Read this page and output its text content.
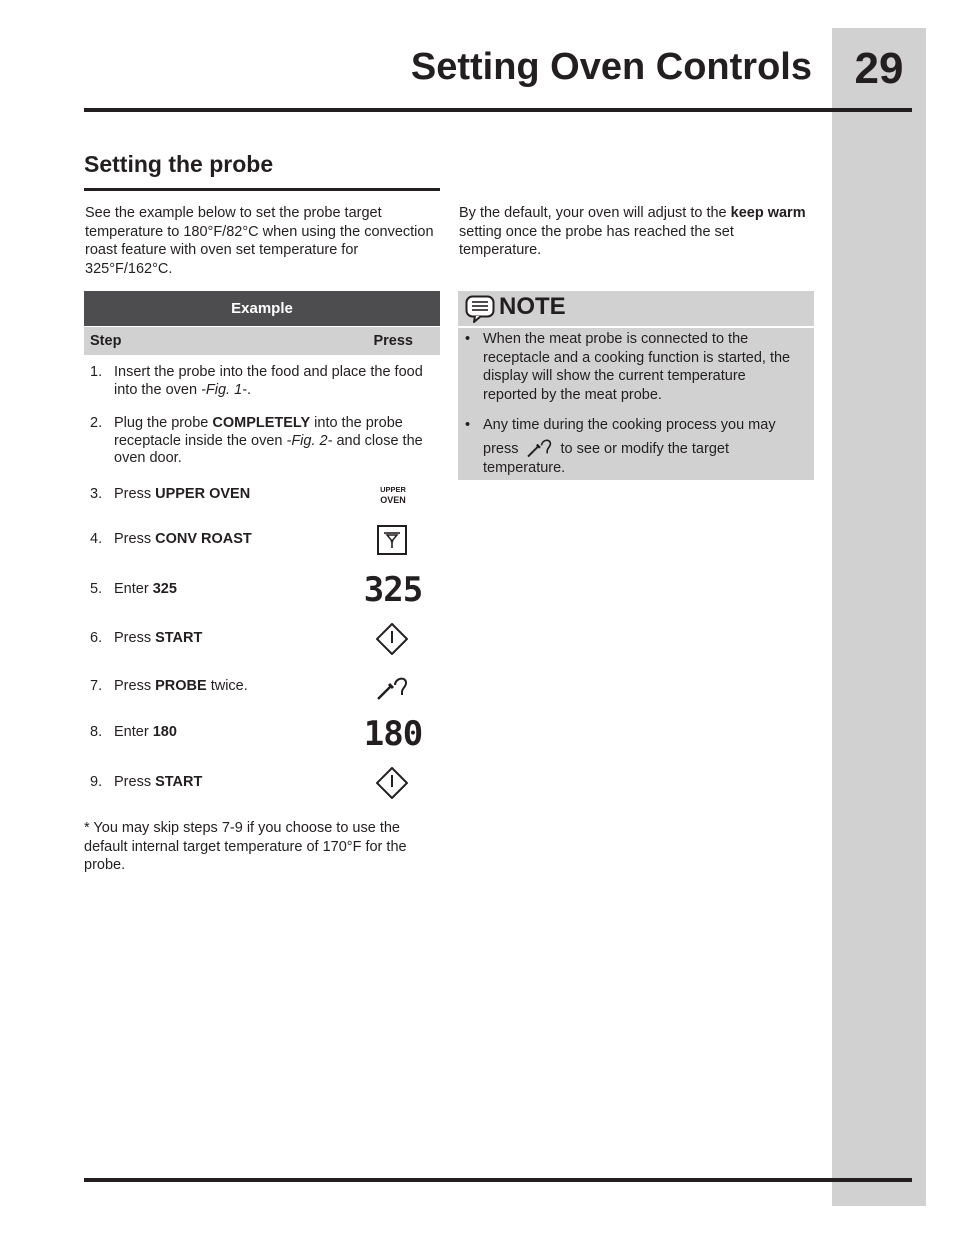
29
Setting Oven Controls
Setting the probe
See the example below to set the probe target temperature to 180°F/82°C when using the convection roast feature with oven set temperature for 325°F/162°C.
By the default, your oven will adjust to the keep warm setting once the probe has reached the set temperature.
Example
Step	Press
1. Insert the probe into the food and place the food into the oven -Fig. 1-.
2. Plug the probe COMPLETELY into the probe receptacle inside the oven -Fig. 2- and close the oven door.
3. Press UPPER OVEN
4. Press CONV ROAST
5. Enter 325
6. Press START
7. Press PROBE twice.
8. Enter 180
9. Press START
UPPER
OVEN
325
180
* You may skip steps 7-9 if you choose to use the default internal target temperature of 170°F for the probe.
NOTE
• When the meat probe is connected to the receptacle and a cooking function is started, the display will show the current temperature reported by the meat probe.
• Any time during the cooking process you may press	to see or modify the target temperature.
